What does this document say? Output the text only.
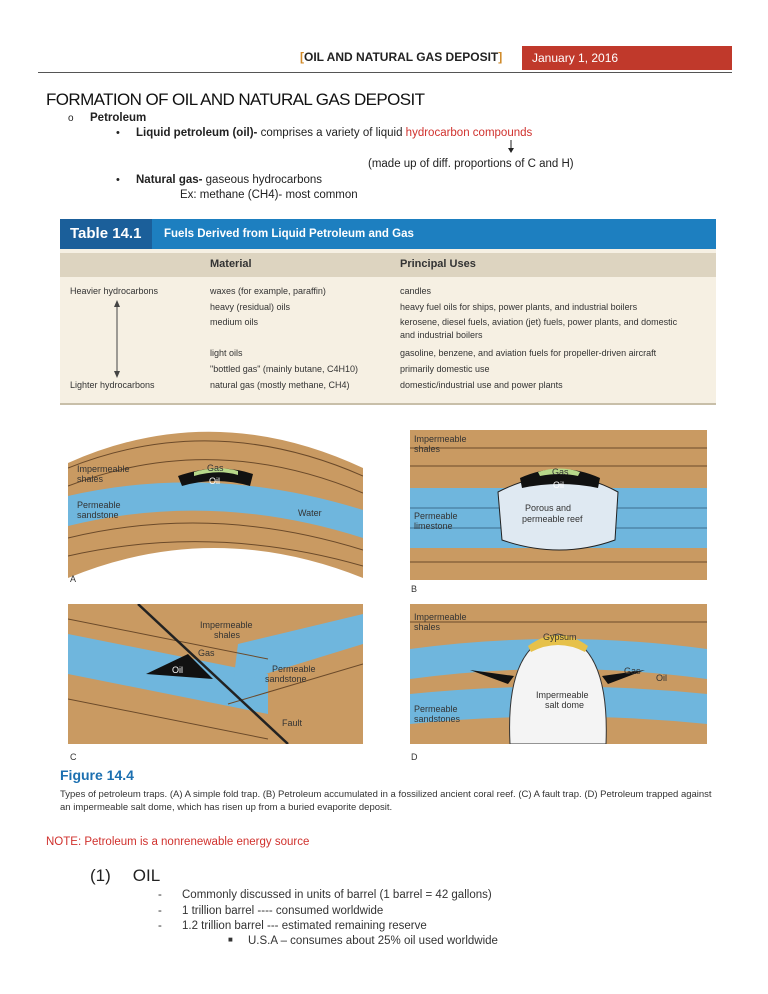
[OIL AND NATURAL GAS DEPOSIT]	January 1, 2016
FORMATION OF OIL AND NATURAL GAS DEPOSIT
o Petroleum
• Liquid petroleum (oil)- comprises a variety of liquid hydrocarbon compounds
(made up of diff. proportions of C and H)
• Natural gas- gaseous hydrocarbons
Ex: methane (CH4)- most common
Table 14.1	Fuels Derived from Liquid Petroleum and Gas
Material	Principal Uses
Heavier hydrocarbons
Lighter hydrocarbons
waxes (for example, paraffin)	candles
heavy (residual) oils	heavy fuel oils for ships, power plants, and industrial boilers
medium oils	kerosene, diesel fuels, aviation (jet) fuels, power plants, and domestic
and industrial boilers
light oils	gasoline, benzene, and aviation fuels for propeller-driven aircraft
"bottled gas" (mainly butane, C4H10)	primarily domestic use
natural gas (mostly methane, CH4)	domestic/industrial use and power plants
Impermeable
shales
Gas
Oil
Permeable
sandstone	Water
A
Impermeable
shales
Gas
Oil
Permeable
limestone
Porous and
permeable reef
B
Impermeable
shales
Gas
Oil	Permeable
sandstone
Fault
C
Impermeable
shales
Gypsum
Gas
Oil
Impermeable
salt dome
Permeable
sandstones
D
Figure 14.4
Types of petroleum traps. (A) A simple fold trap. (B) Petroleum accumulated in a fossilized ancient coral reef. (C) A fault trap. (D) Petroleum trapped against an impermeable salt dome, which has risen up from a buried evaporite deposit.
NOTE: Petroleum is a nonrenewable energy source
(1) OIL
- Commonly discussed in units of barrel (1 barrel = 42 gallons)
- 1 trillion barrel ---- consumed worldwide
- 1.2 trillion barrel --- estimated remaining reserve
■ U.S.A – consumes about 25% oil used worldwide
